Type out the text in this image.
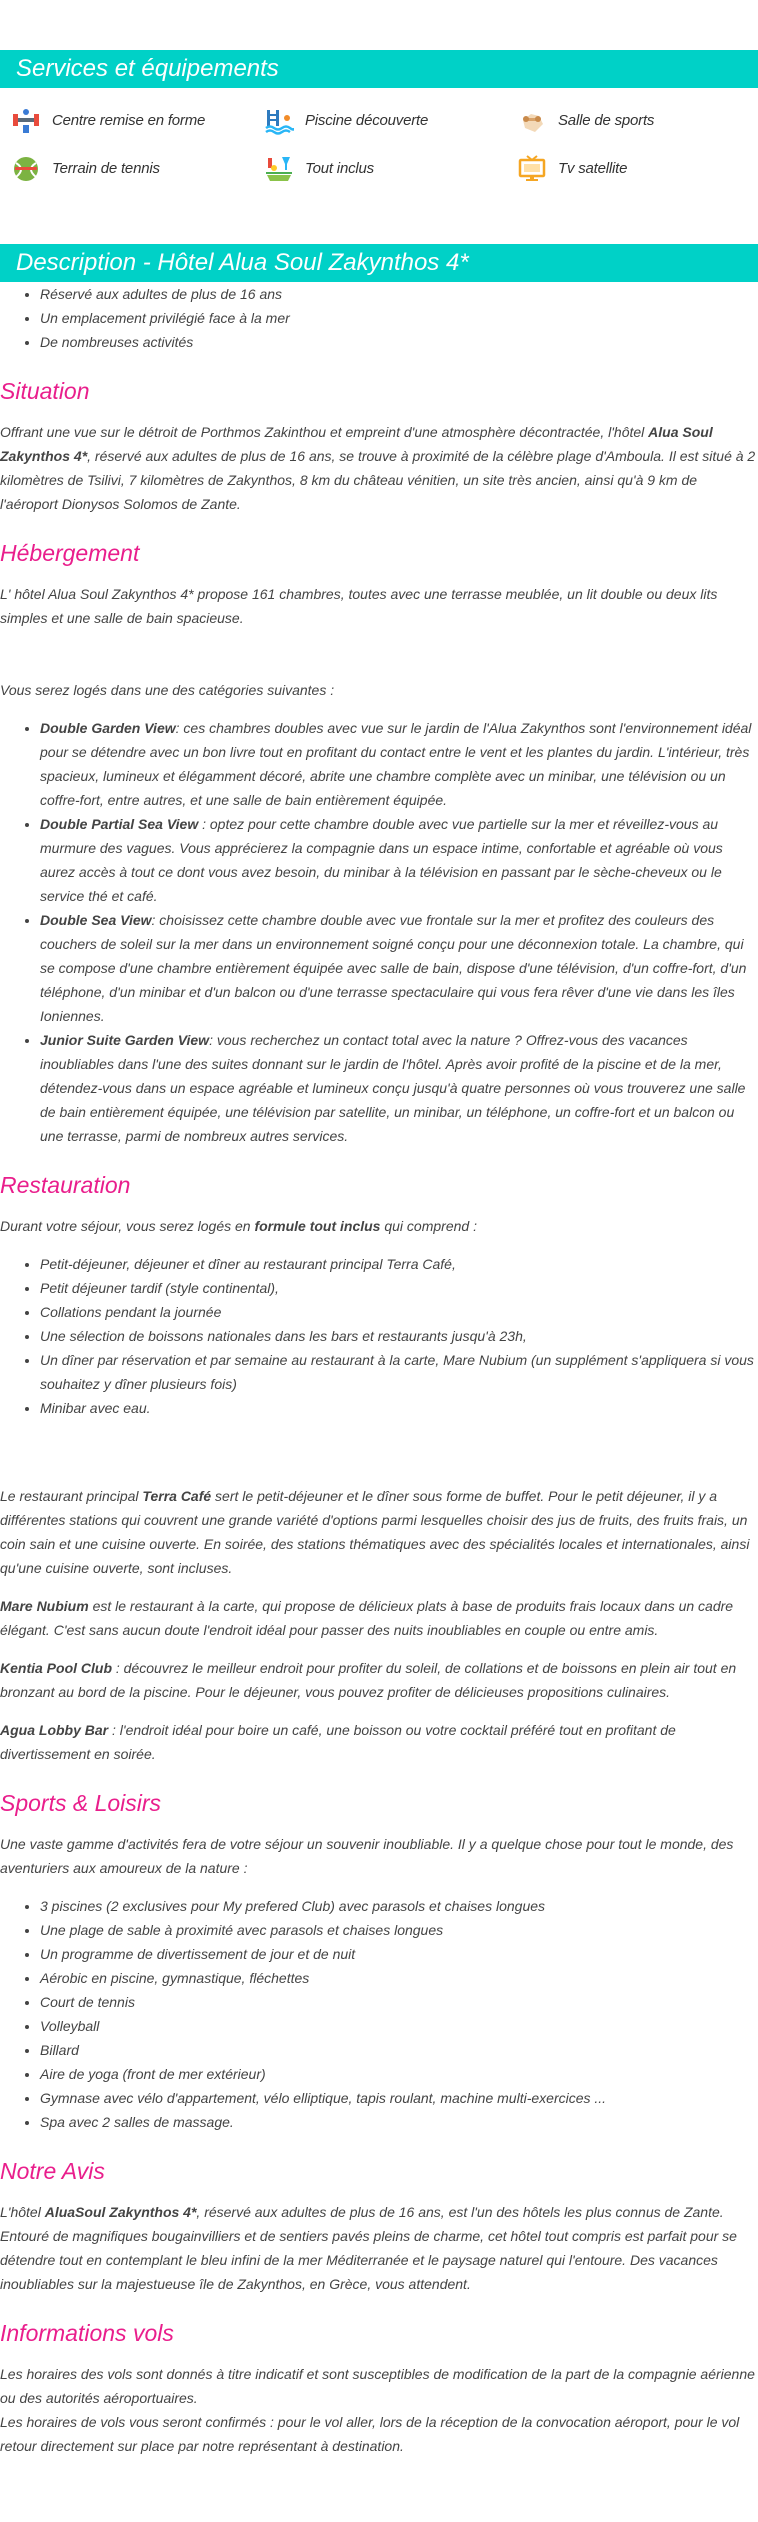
Services et équipements
Centre remise en forme	Piscine découverte	Salle de sports
Terrain de tennis	Tout inclus	Tv satellite
Description - Hôtel Alua Soul Zakynthos 4*
• Réservé aux adultes de plus de 16 ans
• Un emplacement privilégié face à la mer
• De nombreuses activités
Situation

Offrant une vue sur le détroit de Porthmos Zakinthou et empreint d'une atmosphère décontractée, l'hôtel Alua Soul Zakynthos 4*, réservé aux adultes de plus de 16 ans, se trouve à proximité de la célèbre plage d'Amboula. Il est situé à 2 kilomètres de Tsilivi, 7 kilomètres de Zakynthos, 8 km du château vénitien, un site très ancien, ainsi qu'à 9 km de l'aéroport Dionysos Solomos de Zante.

Hébergement

L' hôtel Alua Soul Zakynthos 4* propose 161 chambres, toutes avec une terrasse meublée, un lit double ou deux lits simples et une salle de bain spacieuse.

Vous serez logés dans une des catégories suivantes :

• Double Garden View: ces chambres doubles avec vue sur le jardin de l'Alua Zakynthos sont l'environnement idéal pour se détendre avec un bon livre tout en profitant du contact entre le vent et les plantes du jardin. L'intérieur, très spacieux, lumineux et élégamment décoré, abrite une chambre complète avec un minibar, une télévision ou un coffre-fort, entre autres, et une salle de bain entièrement équipée.
• Double Partial Sea View : optez pour cette chambre double avec vue partielle sur la mer et réveillez-vous au murmure des vagues. Vous apprécierez la compagnie dans un espace intime, confortable et agréable où vous aurez accès à tout ce dont vous avez besoin, du minibar à la télévision en passant par le sèche-cheveux ou le service thé et café.
• Double Sea View: choisissez cette chambre double avec vue frontale sur la mer et profitez des couleurs des couchers de soleil sur la mer dans un environnement soigné conçu pour une déconnexion totale. La chambre, qui se compose d'une chambre entièrement équipée avec salle de bain, dispose d'une télévision, d'un coffre-fort, d'un téléphone, d'un minibar et d'un balcon ou d'une terrasse spectaculaire qui vous fera rêver d'une vie dans les îles Ioniennes.
• Junior Suite Garden View: vous recherchez un contact total avec la nature ? Offrez-vous des vacances inoubliables dans l'une des suites donnant sur le jardin de l'hôtel. Après avoir profité de la piscine et de la mer, détendez-vous dans un espace agréable et lumineux conçu jusqu'à quatre personnes où vous trouverez une salle de bain entièrement équipée, une télévision par satellite, un minibar, un téléphone, un coffre-fort et un balcon ou une terrasse, parmi de nombreux autres services.
Restauration

Durant votre séjour, vous serez logés en formule tout inclus qui comprend :

• Petit-déjeuner, déjeuner et dîner au restaurant principal Terra Café,
• Petit déjeuner tardif (style continental),
• Collations pendant la journée
• Une sélection de boissons nationales dans les bars et restaurants jusqu'à 23h,
• Un dîner par réservation et par semaine au restaurant à la carte, Mare Nubium (un supplément s'appliquera si vous souhaitez y dîner plusieurs fois)
• Minibar avec eau.

Le restaurant principal Terra Café sert le petit-déjeuner et le dîner sous forme de buffet. Pour le petit déjeuner, il y a différentes stations qui couvrent une grande variété d'options parmi lesquelles choisir des jus de fruits, des fruits frais, un coin sain et une cuisine ouverte. En soirée, des stations thématiques avec des spécialités locales et internationales, ainsi qu'une cuisine ouverte, sont incluses.

Mare Nubium est le restaurant à la carte, qui propose de délicieux plats à base de produits frais locaux dans un cadre élégant. C'est sans aucun doute l'endroit idéal pour passer des nuits inoubliables en couple ou entre amis.

Kentia Pool Club : découvrez le meilleur endroit pour profiter du soleil, de collations et de boissons en plein air tout en bronzant au bord de la piscine. Pour le déjeuner, vous pouvez profiter de délicieuses propositions culinaires.

Agua Lobby Bar : l'endroit idéal pour boire un café, une boisson ou votre cocktail préféré tout en profitant de divertissement en soirée.

Sports & Loisirs

Une vaste gamme d'activités fera de votre séjour un souvenir inoubliable. Il y a quelque chose pour tout le monde, des aventuriers aux amoureux de la nature :

• 3 piscines (2 exclusives pour My prefered Club) avec parasols et chaises longues
• Une plage de sable à proximité avec parasols et chaises longues
• Un programme de divertissement de jour et de nuit
• Aérobic en piscine, gymnastique, fléchettes
• Court de tennis
• Volleyball
• Billard
• Aire de yoga (front de mer extérieur)
• Gymnase avec vélo d'appartement, vélo elliptique, tapis roulant, machine multi-exercices ...
• Spa avec 2 salles de massage.
Notre Avis

L'hôtel AluaSoul Zakynthos 4*, réservé aux adultes de plus de 16 ans, est l'un des hôtels les plus connus de Zante. Entouré de magnifiques bougainvilliers et de sentiers pavés pleins de charme, cet hôtel tout compris est parfait pour se détendre tout en contemplant le bleu infini de la mer Méditerranée et le paysage naturel qui l'entoure. Des vacances inoubliables sur la majestueuse île de Zakynthos, en Grèce, vous attendent.

Informations vols

Les horaires des vols sont donnés à titre indicatif et sont susceptibles de modification de la part de la compagnie aérienne ou des autorités aéroportuaires.

Les horaires de vols vous seront confirmés : pour le vol aller, lors de la réception de la convocation aéroport, pour le vol retour directement sur place par notre représentant à destination.
